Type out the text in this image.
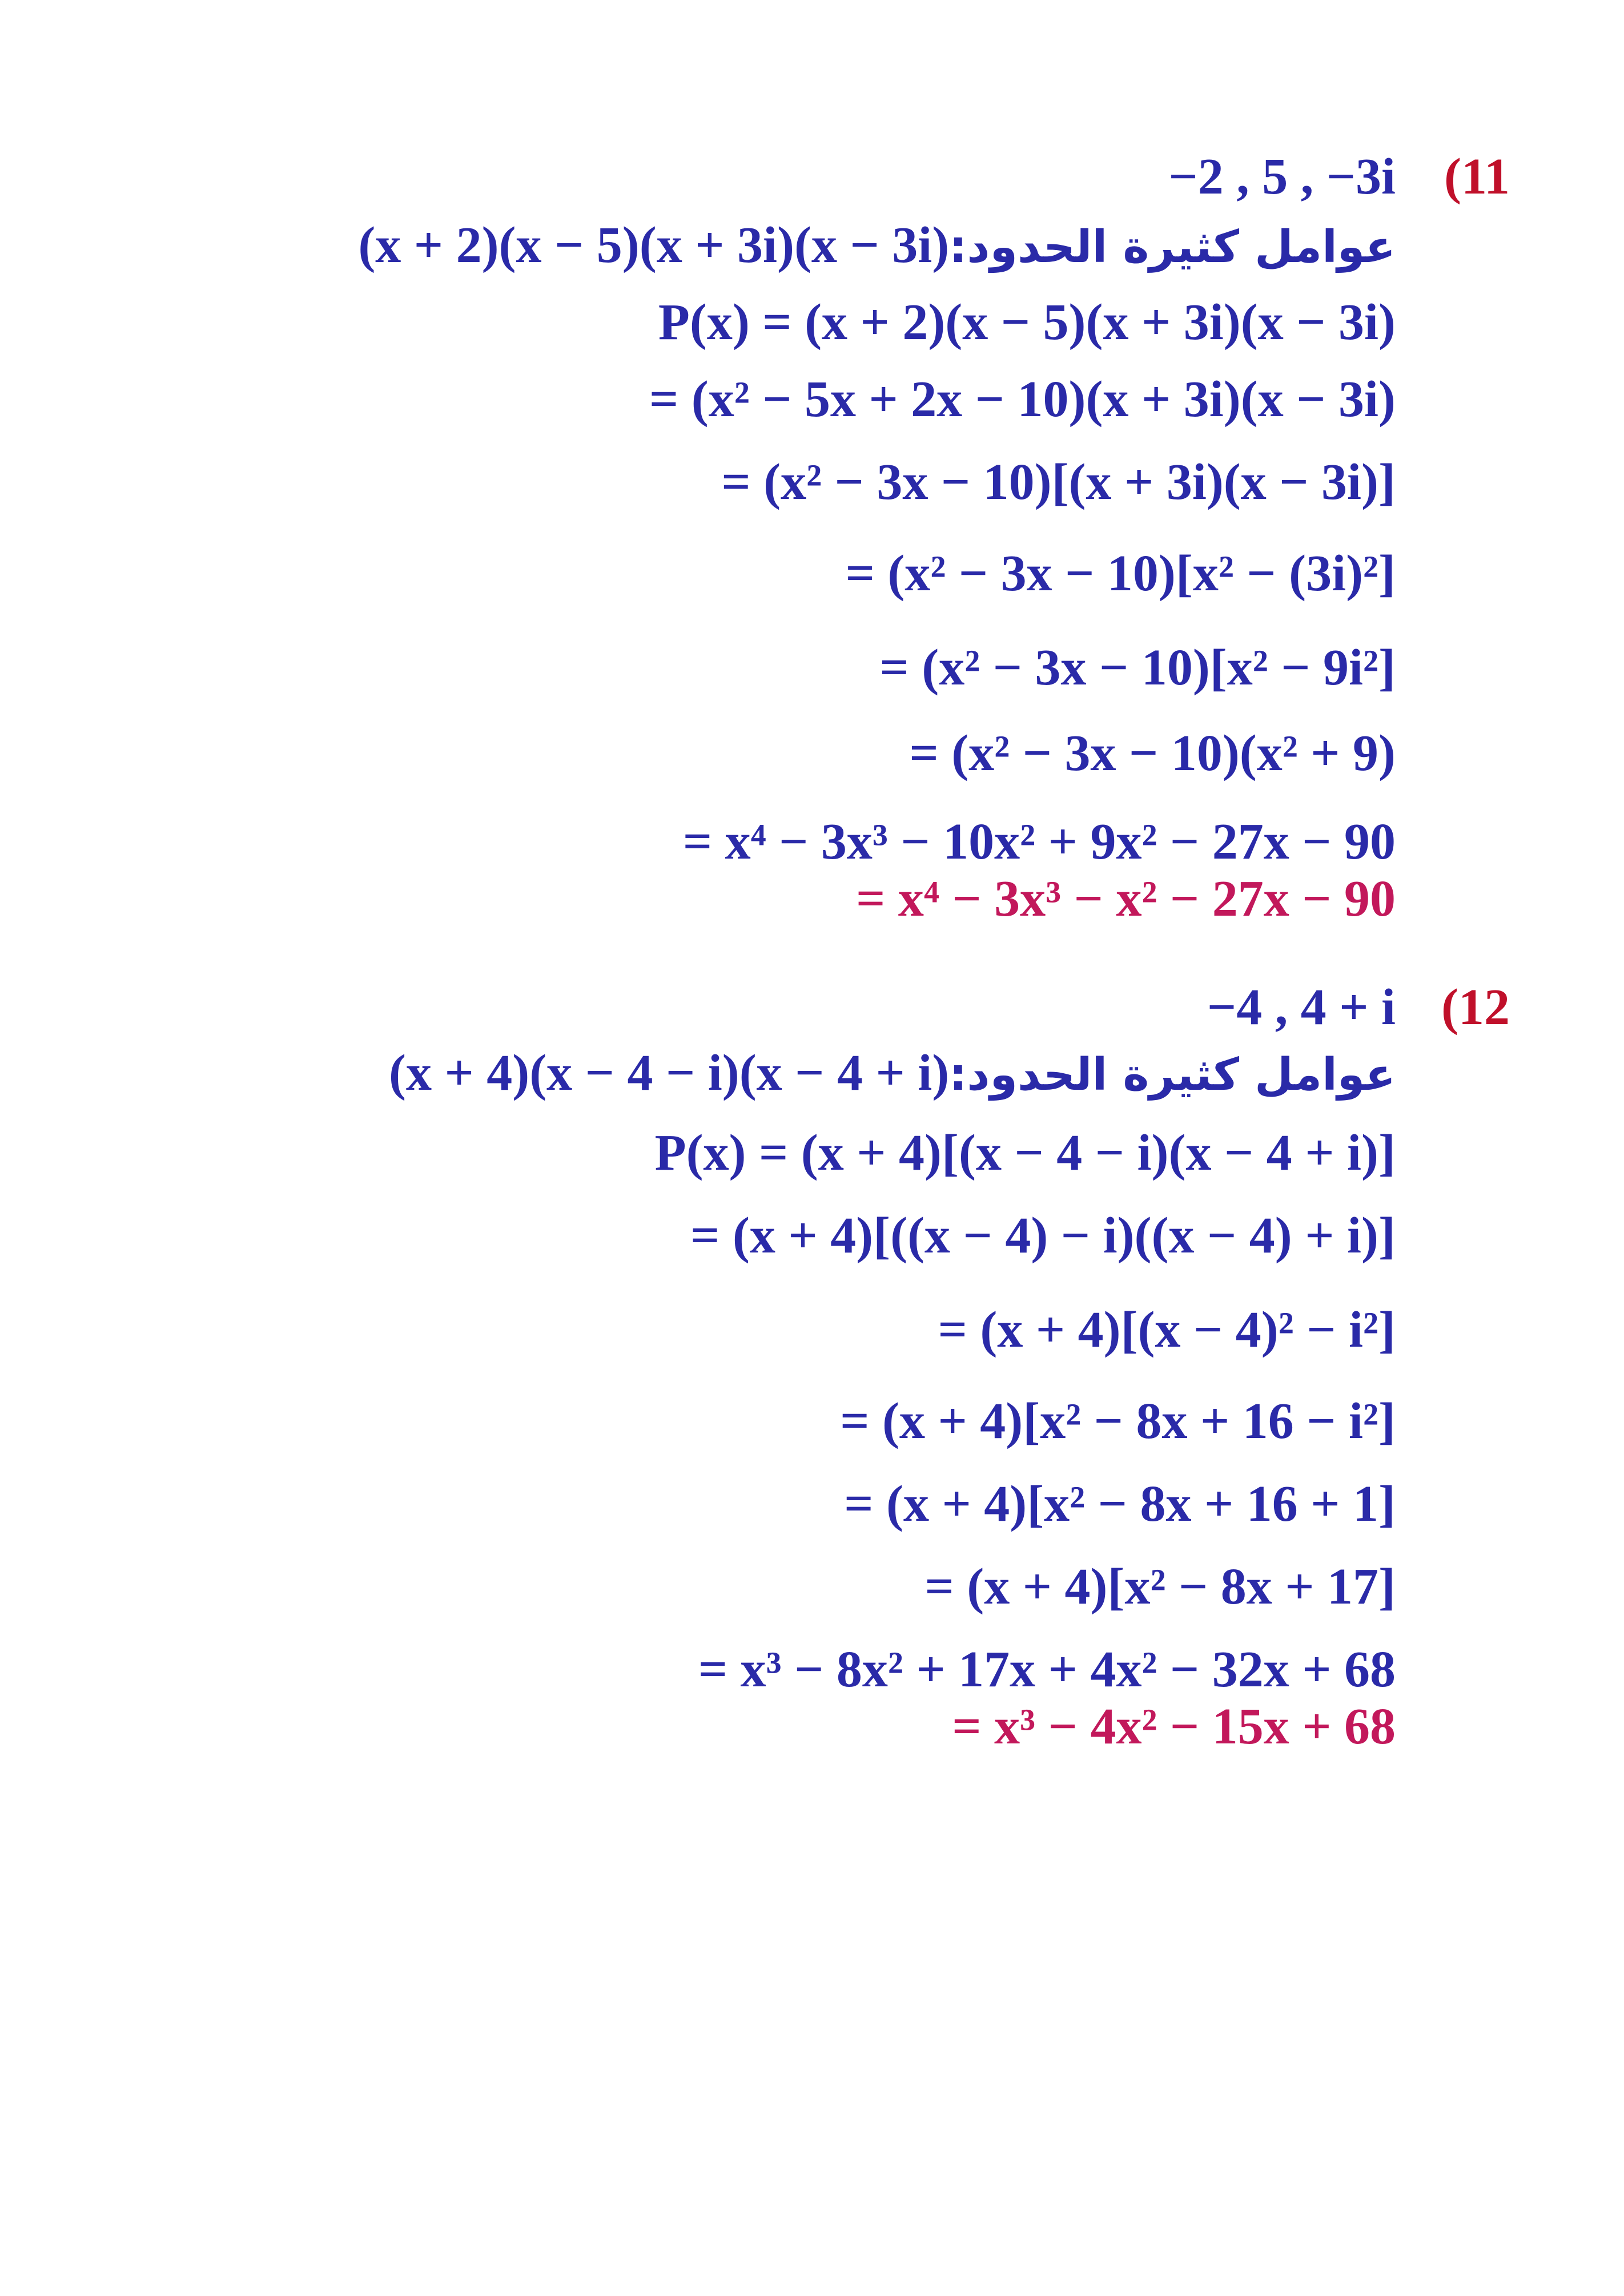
(11
−2 , 5 , −3i
(x + 2)(x − 5)(x + 3i)(x − 3i)عوامل كثيرة الحدود:
P(x) = (x + 2)(x − 5)(x + 3i)(x − 3i)
= (x² − 5x + 2x − 10)(x + 3i)(x − 3i)
= (x² − 3x − 10)[(x + 3i)(x − 3i)]
= (x² − 3x − 10)[x² − (3i)²]
= (x² − 3x − 10)[x² − 9i²]
= (x² − 3x − 10)(x² + 9)
= x⁴ − 3x³ − 10x² + 9x² − 27x − 90
= x⁴ − 3x³ − x² − 27x − 90
(12
−4 , 4 + i
(x + 4)(x − 4 − i)(x − 4 + i)عوامل كثيرة الحدود:
P(x) = (x + 4)[(x − 4 − i)(x − 4 + i)]
= (x + 4)[((x − 4) − i)((x − 4) + i)]
= (x + 4)[(x − 4)² − i²]
= (x + 4)[x² − 8x + 16 − i²]
= (x + 4)[x² − 8x + 16 + 1]
= (x + 4)[x² − 8x + 17]
= x³ − 8x² + 17x + 4x² − 32x + 68
= x³ − 4x² − 15x + 68
